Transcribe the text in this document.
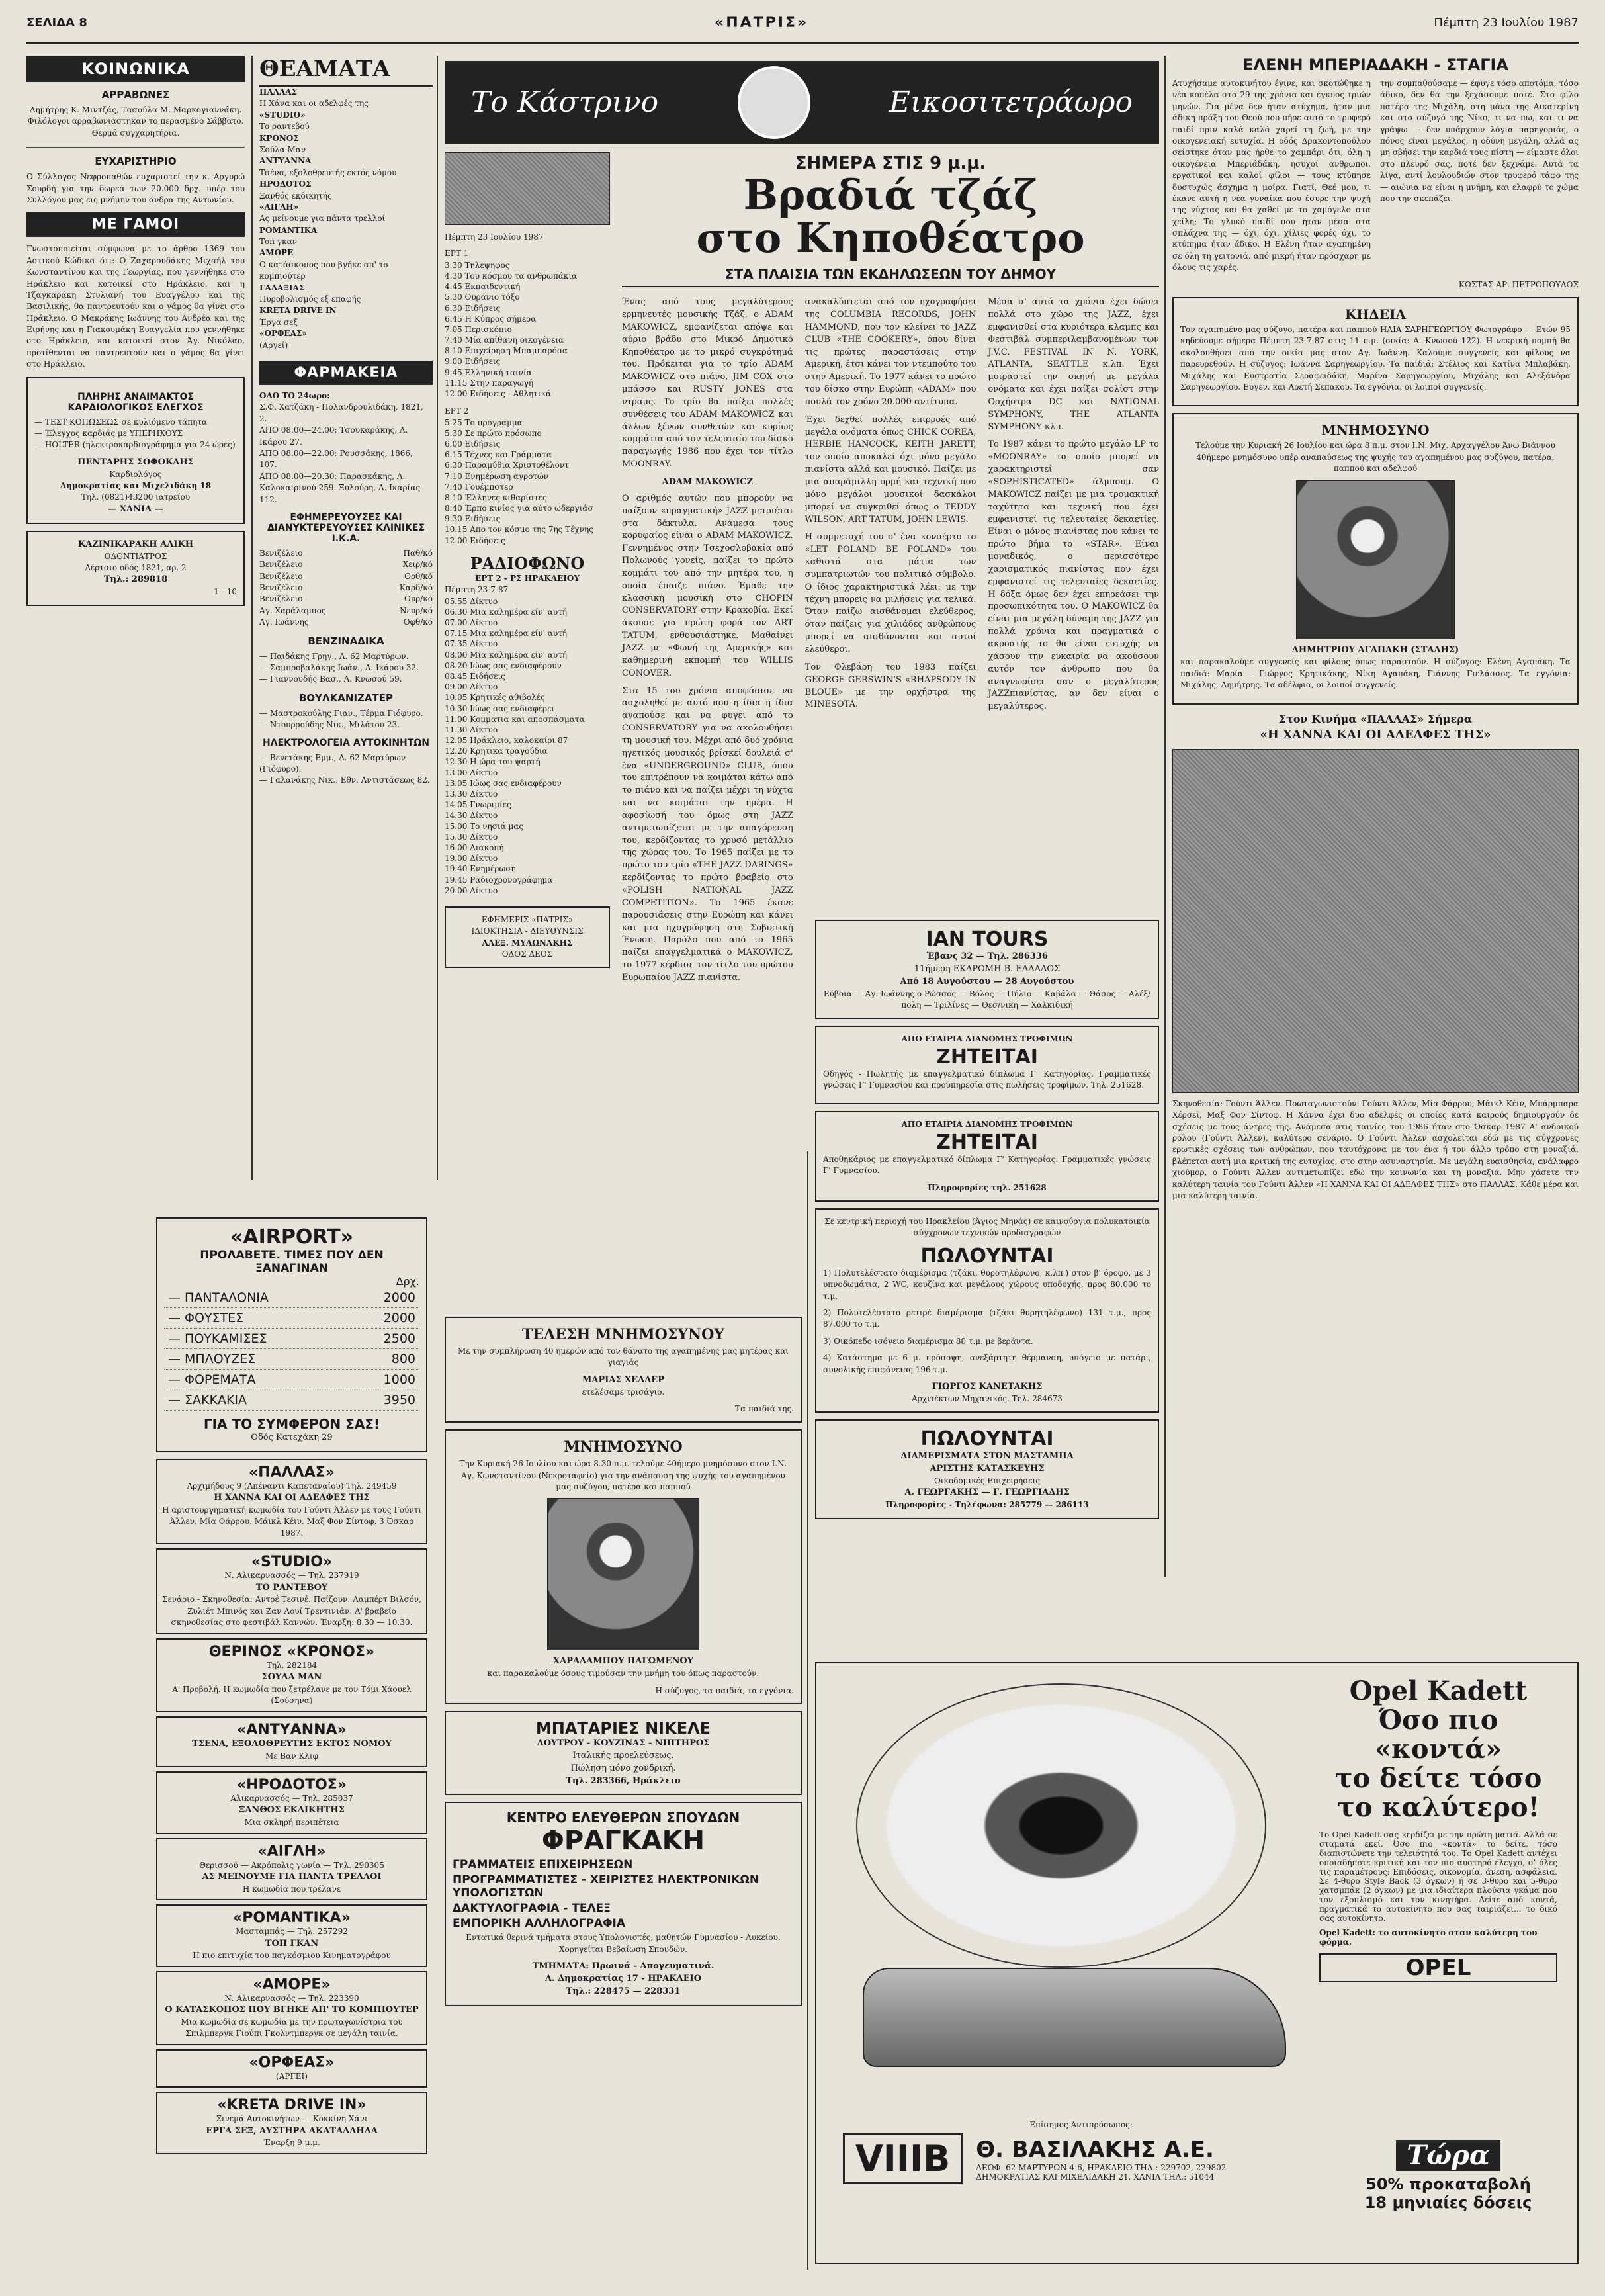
ΣΕΛΙΔΑ 8	«ΠΑΤΡΙΣ»	Πέμπτη 23 Ιουλίου 1987
ΚΟΙΝΩΝΙΚΑ
ΑΡΡΑΒΩΝΕΣ

Δημήτρης Κ. Μιντζάς, Τασούλα Μ. Μαρκογιαννάκη. Φιλόλογοι αρραβωνιάστηκαν το περασμένο Σάββατο. Θερμά συγχαρητήρια.

ΕΥΧΑΡΙΣΤΗΡΙΟ

Ο Σύλλογος Νεφροπαθών ευχαριστεί την κ. Αργυρώ Σουρδή για την δωρεά των 20.000 δρχ. υπέρ του Συλλόγου μας εις μνήμην του άνδρα της Αντωνίου.

ΜΕ ΓΑΜΟΙ

Γνωστοποιείται σύμφωνα με το άρθρο 1369 του Αστικού Κώδικα ότι: Ο Ζαχαρουδάκης Μιχαήλ του Κωνσταντίνου και της Γεωργίας, που γεννήθηκε στο Ηράκλειο και κατοικεί στο Ηράκλειο, και η Τζαγκαράκη Στυλιανή του Ευαγγέλου και της Βασιλικής, θα παντρευτούν και ο γάμος θα γίνει στο Ηράκλειο. Ο Μακράκης Ιωάννης του Ανδρέα και της Ειρήνης και η Γιακουμάκη Ευαγγελία που γεννήθηκε στο Ηράκλειο, και κατοικεί στον Άγ. Νικόλαο, προτίθενται να παντρευτούν και ο γάμος θα γίνει στο Ηράκλειο.

ΠΛΗΡΗΣ ΑΝΑΙΜΑΚΤΟΣ ΚΑΡΔΙΟΛΟΓΙΚΟΣ ΕΛΕΓΧΟΣ
— ΤΕΣΤ ΚΟΠΩΣΕΩΣ σε κυλιόμενο τάπητα
— Έλεγχος καρδιάς με ΥΠΕΡΗΧΟΥΣ
— HOLTER (ηλεκτροκαρδιογράφημα για 24 ώρες)
ΠΕΝΤΑΡΗΣ ΣΟΦΟΚΛΗΣ
Καρδιολόγος
Δημοκρατίας και Μιχελιδάκη 18
Τηλ. (0821)43200 ιατρείου
— ΧΑΝΙΑ —
ΚΑΖΙΝΙΚΑΡΑΚΗ ΑΛΙΚΗ
ΟΔΟΝΤΙΑΤΡΟΣ
Λέρτσιο οδός 1821, αρ. 2
Τηλ.: 289818
1—10
ΘΕΑΜΑΤΑ
ΠΑΛΛΑΣ
Η Χάνα και οι αδελφές της
«STUDIO»
Το ραντεβού
ΚΡΟΝΟΣ
Σούλα Μαν
ΑΝΤΥΑΝΝΑ
Τσένα, εξολοθρευτής εκτός νόμου
ΗΡΟΔΟΤΟΣ
Ξανθός εκδικητής
«ΑΙΓΛΗ»
Ας μείνουμε για πάντα τρελλοί
ΡΟΜΑΝΤΙΚΑ
Τοπ γκαν
ΑΜΟΡΕ
Ο κατάσκοπος που βγήκε απ' το κομπιούτερ
ΓΑΛΑΞΙΑΣ
Πυροβολισμός εξ επαφής
KRETA DRIVE IN
Έργα σεξ
«ΟΡΦΕΑΣ»
(Αργεί)
ΦΑΡΜΑΚΕΙΑ
ΟΛΟ ΤΟ 24ωρο:
Σ.Φ. Χατζάκη - Πολανδρουλιδάκη, 1821, 2.
ΑΠΟ 08.00—24.00: Τσουκαράκης, Λ. Ικάρου 27.
ΑΠΟ 08.00—22.00: Ρουσσάκης, 1866, 107.
ΑΠΟ 08.00—20.30: Παρασκάκης, Λ. Καλοκαιρινού 259. Ξυλούρη, Λ. Ικαρίας 112.
ΕΦΗΜΕΡΕΥΟΥΣΕΣ ΚΑΙ ΔΙΑΝΥΚΤΕΡΕΥΟΥΣΕΣ ΚΛΙΝΙΚΕΣ Ι.Κ.Α.
Βενιζέλειο	Παθ/κό
Βενιζέλειο	Χειρ/κό
Βενιζέλειο	Ορθ/κό
Βενιζέλειο	Καρδ/κό
Βενιζέλειο	Ουρ/κό
Αγ. Χαράλαμπος	Νευρ/κό
Αγ. Ιωάννης	Οφθ/κό
ΒΕΝΖΙΝΑΔΙΚΑ
— Παιδάκης Γρηγ., Λ. 62 Μαρτύρων.
— Σαμπροβαλάκης Ιωάν., Λ. Ικάρου 32.
— Γιαννουδής Βασ., Λ. Κνωσού 59.
ΒΟΥΛΚΑΝΙΖΑΤΕΡ
— Μαστροκούλης Γιαν., Τέρμα Γιόφυρο.
— Ντουρρούδης Νικ., Μιλάτου 23.
ΗΛΕΚΤΡΟΛΟΓΕΙΑ ΑΥΤΟΚΙΝΗΤΩΝ
— Βενετάκης Εμμ., Λ. 62 Μαρτύρων (Γιόφυρο).
— Γαλανάκης Νικ., Εθν. Αντιστάσεως 82.
Πέμπτη 23 Ιουλίου 1987
ΕΡΤ 1
3.30 Τηλεψηφος
4.30 Του κόσμου τα ανθρωπάκια
4.45 Εκπαιδευτική
5.30 Ουράνιο τόξο
6.30 Ειδήσεις
6.45 Η Κύπρος σήμερα
7.05 Περισκόπιο
7.40 Μία απίθανη οικογένεια
8.10 Επιχείρηση Μπαμπαρόσα
9.00 Ειδήσεις
9.45 Ελληνική ταινία
11.15 Στην παραγωγή
12.00 Ειδήσεις - Αθλητικά
ΕΡΤ 2
5.25 Το πρόγραμμα
5.30 Σε πρώτο πρόσωπο
6.00 Ειδήσεις
6.15 Τέχνες και Γράμματα
6.30 Παραμύθια Χριστοθέλοντ
7.10 Ενημέρωση αγροτών
7.40 Γουέμπστερ
8.10 Έλληνες κιθαρίστες
8.40 Έρπο κινίος για αύτο ωδεργιάσ
9.30 Ειδήσεις
10.15 Απο τον κόσμο της 7ης Τέχνης
12.00 Ειδήσεις
ΡΑΔΙΟΦΩΝΟ
ΕΡΤ 2 - ΡΣ ΗΡΑΚΛΕΙΟΥ
Πέμπτη 23-7-87
05.55 Δίκτυο
06.30 Μια καλημέρα είν' αυτή
07.00 Δίκτυο
07.15 Μια καλημέρα είν' αυτή
07.35 Δίκτυο
08.00 Μια καλημέρα είν' αυτή
08.20 Ιώως σας ενδιαφέρουν
08.45 Ειδήσεις
09.00 Δίκτυο
10.05 Κρητικές αθιβολές
10.30 Ιώως σας ενδιαφέρει
11.00 Κομματια και αποσπάσματα
11.30 Δίκτυο
12.05 Ηράκλειο, καλοκαίρι 87
12.20 Κρητικα τραγούδια
12.30 Η ώρα του ψαρτή
13.00 Δίκτυο
13.05 Ιώως σας ενδιαφέρουν
13.30 Δίκτυο
14.05 Γνωριμίες
14.30 Δίκτυο
15.00 Το νησιά μας
15.30 Δίκτυο
16.00 Διακοπή
19.00 Δίκτυο
19.40 Ενημέρωση
19.45 Ραδιοχρονογράφημα
20.00 Δίκτυο
ΕΦΗΜΕΡΙΣ «ΠΑΤΡΙΣ»
ΙΔΙΟΚΤΗΣΙΑ - ΔΙΕΥΘΥΝΣΙΣ
ΑΛΕΞ. ΜΥΛΩΝΑΚΗΣ
ΟΔΟΣ ΔΕΟΣ
Το Κάστρινο	Εικοσιτετράωρο
ΣΗΜΕΡΑ ΣΤΙΣ 9 μ.μ.
Βραδιά τζάζ
στο Κηποθέατρο
ΣΤΑ ΠΛΑΙΣΙΑ ΤΩΝ ΕΚΔΗΛΩΣΕΩΝ ΤΟΥ ΔΗΜΟΥ

Ένας από τους μεγαλύτερους ερμηνευτές μουσικής Τζάζ, ο ADAM MAKOWICZ, εμφανίζεται απόψε και αύριο βράδυ στο Μικρό Δημοτικό Κηποθέατρο με το μικρό συγκρότημά του. Πρόκειται για το τρίο ADAM MAKOWICZ στο πιάνο, JIM COX στο μπάσσο και RUSTY JONES στα ντραμς. Το τρίο θα παίξει πολλές συνθέσεις του ADAM MAKOWICZ και άλλων ξένων συνθετών και κυρίως κομμάτια από τον τελευταίο του δίσκο παραγωγής 1986 που έχει τον τίτλο MOONRAY.

ADAM MAKOWICZ

Ο αριθμός αυτών που μπορούν να παίξουν «πραγματική» JAZZ μετριέται στα δάκτυλα. Ανάμεσα τους κορυφαίος είναι ο ADAM MAKOWICZ. Γεννημένος στην Τσεχοσλοβακία από Πολωνούς γονείς, παίζει το πρώτο κομμάτι του από την μητέρα του, η οποία έπαιζε πιάνο. Έμαθε την κλασσική μουσική στο CHOPIN CONSERVATORY στην Κρακοβία. Εκεί άκουσε για πρώτη φορά τον ART TATUM, ενθουσιάστηκε. Μαθαίνει JAZZ με «Φωνή της Αμερικής» και καθημερινή εκπομπή του WILLIS CONOVER.

Στα 15 του χρόνια αποφάσισε να ασχοληθεί με αυτό που η ίδια η ίδια αγαπούσε και να φυγει από το CONSERVATORY για να ακολουθήσει τη μουσική του. Μέχρι από δυό χρόνια ηγετικός μουσικός βρίσκεί δουλειά σ' ένα «UNDERGROUND» CLUB, όπου του επιτρέπουν να κοιμάται κάτω από το πιάνο και να παίζει μέχρι τη νύχτα και να κοιμάται την ημέρα. Η αφοσίωσή του όμως στη JAZZ αντιμετωπίζεται με την απαγόρευση του, κερδίζοντας το χρυσό μετάλλιο της χώρας του. Το 1965 παίζει με το πρώτο του τρίο «THE JAZZ DARINGS» κερδίζοντας το πρώτο βραβείο στο «POLISH NATIONAL JAZZ COMPETITION». Το 1965 έκανε παρουσιάσεις στην Ευρώπη και κάνει και μια ηχογράφηση στη Σοβιετική Ένωση. Παρόλο που από το 1965 παίζει επαγγελματικά ο MAKOWICZ, το 1977 κέρδισε τον τίτλο του πρώτου Ευρωπαίου JAZZ πιανίστα.

ανακαλύπτεται από τον ηχογραφήσει της COLUMBIA RECORDS, JOHN HAMMOND, που τον κλείνει το JAZZ CLUB «THE COOKERY», όπου δίνει τις πρώτες παραστάσεις στην Αμερική, έτσι κάνει τον ντεμπούτο του στην Αμερική. Το 1977 κάνει το πρώτο του δίσκο στην Ευρώπη «ADAM» που πουλά τον χρόνο 20.000 αντίτυπα.

Έχει δεχθεί πολλές επιρροές από μεγάλα ονόματα όπως CHICK COREA, HERBIE HANCOCK, KEITH JARETT, τον οποίο αποκαλεί όχι μόνο μεγάλο πιανίστα αλλά και μουσικό. Παίζει με μια απαράμιλλη ορμή και τεχνική που μόνο μεγάλοι μουσικοί δασκάλοι μπορεί να συγκριθεί όπως ο TEDDY WILSON, ART TATUM, JOHN LEWIS.

Η συμμετοχή του σ' ένα κονσέρτο το «LET POLAND BE POLAND» του καθιστά στα μάτια των συμπατριωτών του πολιτικό σύμβολο. Ο ίδιος χαρακτηριστικά λέει: με την τέχνη μπορείς να μιλήσεις για τελικά. Όταν παίζω αισθάνομαι ελεύθερος, όταν παίζεις για χιλιάδες ανθρώπους μπορεί να αισθάνονται και αυτοί ελεύθεροι.

Τον Φλεβάρη του 1983 παίζει GEORGE GERSWIN'S «RHAPSODY IN BLOUE» με την ορχήστρα της MINESOTA.

Μέσα σ' αυτά τα χρόνια έχει δώσει πολλά στο χώρο της JAZZ, έχει εμφανισθεί στα κυριότερα κλαμπς και Φεστιβάλ συμπεριλαμβανομένων των J.V.C. FESTIVAL IN N. YORK, ATLANTA, SEATTLE κ.λπ. Έχει μοιραστεί την σκηνή με μεγάλα ονόματα και έχει παίξει σολίστ στην Ορχήστρα DC και NATIONAL SYMPHONY, THE ATLANTA SYMPHONY κλπ.

Το 1987 κάνει το πρώτο μεγάλο LP το «MOONRAY» το οποίο μπορεί να χαρακτηριστεί σαν «SOPHISTICATED» άλμπουμ. Ο MAKOWICZ παίζει με μια τρομακτική ταχύτητα και τεχνική που έχει εμφανιστεί τις τελευταίες δεκαετίες. Είναι ο μόνος πιανίστας που κάνει το πρώτο βήμα το «STAR». Είναι μοναδικός, ο περισσότερο χαρισματικός πιανίστας που έχει εμφανιστεί τις τελευταίες δεκαετίες. Η δόξα όμως δεν έχει επηρεάσει την προσωπικότητα του. Ο MAKOWICZ θα είναι μια μεγάλη δύναμη της JAZZ για πολλά χρόνια και πραγματικά ο ακροατής το θα είναι ευτυχής να χάσουν την ευκαιρία να ακούσουν αυτόν τον άνθρωπο που θα αναγνωρίσει σαν ο μεγαλύτερος JAZZπιανίστας, αν δεν είναι ο μεγαλύτερος.

ΕΛΕΝΗ ΜΠΕΡΙΑΔΑΚΗ - ΣΤΑΓΙΑ

Ατυχήσαμε αυτοκινήτου έγινε, και σκοτώθηκε η νέα κοπέλα στα 29 της χρόνια και έγκυος τριών μηνών. Για μένα δεν ήταν ατύχημα, ήταν μια άδικη πράξη του Θεού που πήρε αυτό το τρυφερό παιδί πριν καλά καλά χαρεί τη ζωή, με την οικογενειακή ευτυχία. Η οδός Δρακοντοπούλου σείστηκε όταν μας ήρθε το χαμπάρι ότι, όλη η οικογένεια Μπεριάδάκη, ησυχοί άνθρωποι, εργατικοί και καλοί φίλοι — τους κτύπησε δυστυχώς άσχημα η μοίρα. Γιατί, Θεέ μου, τι έκανε αυτή η νέα γυναίκα που έσυρε την ψυχή της νύχτας και θα χαθεί με το χαμόγελο στα χείλη; Το γλυκό παιδί που ήταν μέσα στα σπλάχνα της — όχι, όχι, χίλιες φορές όχι, το κτύπημα ήταν άδικο. Η Ελένη ήταν αγαπημένη σε όλη τη γειτονιά, από μικρή ήταν πρόσχαρη με όλους τις χαρές.

την συμπαθούσαμε — έφυγε τόσο αποτόμα, τόσο άδικο, δεν θα την ξεχάσουμε ποτέ. Στο φίλο πατέρα της Μιχάλη, στη μάνα της Αικατερίνη και στο σύζυγό της Νίκο, τι να πω, και τι να γράψω — δεν υπάρχουν λόγια παρηγοριάς, ο πόνος είναι μεγάλος, η οδύνη μεγάλη, αλλά ας μη σβήσει την καρδιά τους πίστη — είμαστε όλοι στο πλευρό σας, ποτέ δεν ξεχνάμε. Αυτά τα λίγα, αντί λουλουδιών στον τρυφερό τάφο της — αιώνια να είναι η μνήμη, και ελαφρύ το χώμα που την σκεπάζει.

ΚΩΣΤΑΣ ΑΡ. ΠΕΤΡΟΠΟΥΛΟΣ
ΚΗΔΕΙΑ

Τον αγαπημένο μας σύζυγο, πατέρα και παππού ΗΛΙΑ ΣΑΡΗΓΕΩΡΓΙΟΥ Φωτογράφο — Ετών 95 κηδεύουμε σήμερα Πέμπτη 23-7-87 στις 11 π.μ. (οικία: Α. Κνωσού 122). Η νεκρική πομπή θα ακολουθήσει από την οικία μας στον Αγ. Ιωάννη. Καλούμε συγγενείς και φίλους να παρευρεθούν. Η σύζυγος: Ιωάννα Σαρηγεωργίου. Τα παιδιά: Στέλιος και Κατίνα Μπλαβάκη, Μιχάλης και Ευστρατία Σεραφειδάκη, Μαρίνα Σαρηγεωργίου, Μιχάλης και Αλεξάνδρα Σαρηγεωργίου. Ευγεν. και Αρετή Σεπακου. Τα εγγόνια, οι λοιποί συγγενείς.

ΜΝΗΜΟΣΥΝΟ

Τελούμε την Κυριακή 26 Ιουλίου και ώρα 8 π.μ. στον Ι.Ν. Μιχ. Αρχαγγέλου Άνω Βιάννου 40ήμερο μνημόσυνο υπέρ αναπαύσεως της ψυχής του αγαπημένου μας συζύγου, πατέρα, παππού και αδελφού

ΔΗΜΗΤΡΙΟΥ ΑΓΑΠΑΚΗ (ΣΤΑΛΗΣ)

και παρακαλούμε συγγενείς και φίλους όπως παραστούν. Η σύζυγος: Ελένη Αγαπάκη. Τα παιδιά: Μαρία - Γιώργος Κρητικάκης, Νίκη Αγαπάκη, Γιάννης Γιελάσσος. Τα εγγόνια: Μιχάλης, Δημήτρης. Τα αδέλφια, οι λοιποί συγγενείς.

Στον Κινήμα «ΠΑΛΛΑΣ» Σήμερα
«Η ΧΑΝΝΑ ΚΑΙ ΟΙ ΑΔΕΛΦΕΣ ΤΗΣ»

Σκηνοθεσία: Γούντι Άλλεν. Πρωταγωνιστούν: Γούντι Άλλεν, Μία Φάρρου, Μάικλ Κέιν, Μπάρμπαρα Χέρσεϊ, Μαξ Φον Σίντοφ. Η Χάννα έχει δυο αδελφές οι οποίες κατά καιρούς δημιουργούν δε σχέσεις με τους άντρες της. Ανάμεσα στις ταινίες του 1986 ήταν στο Όσκαρ 1987 Α' ανδρικού ρόλου (Γούντι Άλλεν), καλύτερο σενάριο. Ο Γούντι Άλλεν ασχολείται εδώ με τις σύγχρονες ερωτικές σχέσεις των ανθρώπων, που ταυτόχρονα με τον ένα ή τον άλλο τρόπο στη μοναξιά, βλέπεται αυτή μια κριτική της ευτυχίας, στο στην ασυναρτησία. Με μεγάλη ευαισθησία, ανάλαφρο χιούμορ, ο Γούντι Άλλεν αντιμετωπίζει εδώ την κοινωνία και τη μοναξιά. Μην χάσετε την καλύτερη ταινία του Γούντι Άλλεν «Η ΧΑΝΝΑ ΚΑΙ ΟΙ ΑΔΕΛΦΕΣ ΤΗΣ» στο ΠΑΛΛΑΣ. Κάθε μέρα και μια καλύτερη ταινία.

«AIRPORT»
ΠΡΟΛΑΒΕΤΕ. ΤΙΜΕΣ ΠΟΥ ΔΕΝ ΞΑΝΑΓΙΝΑΝ
Δρχ.
— ΠΑΝΤΑΛΟΝΙΑ	2000
— ΦΟΥΣΤΕΣ	2000
— ΠΟΥΚΑΜΙΣΕΣ	2500
— ΜΠΛΟΥΖΕΣ	800
— ΦΟΡΕΜΑΤΑ	1000
— ΣΑΚΚΑΚΙΑ	3950
ΓΙΑ ΤΟ ΣΥΜΦΕΡΟΝ ΣΑΣ!
Οδός Κατεχάκη 29
«ΠΑΛΛΑΣ»
Αρχιμήδους 9 (Απέναντι Καπεταναίου) Τηλ. 249459
Η ΧΑΝΝΑ ΚΑΙ ΟΙ ΑΔΕΛΦΕΣ ΤΗΣ
Η αριστουργηματική κωμωδία του Γούντι Άλλεν με τους Γούντι Άλλεν, Μία Φάρρου, Μάικλ Κέιν, Μαξ Φον Σίντοφ, 3 Όσκαρ 1987.
«STUDIO»
Ν. Αλικαρνασσός — Τηλ. 237919
ΤΟ ΡΑΝΤΕΒΟΥ
Σενάριο - Σκηνοθεσία: Αντρέ Τεσινέ. Παίζουν: Λαμπέρτ Βιλσόν, Ζυλιέτ Μπινός και Ζαν Λουί Τρεντινιάν. Α' βραβείο σκηνοθεσίας στο φεστιβάλ Καννών. Έναρξη: 8.30 — 10.30.
ΘΕΡΙΝΟΣ «ΚΡΟΝΟΣ»
Τηλ. 282184
ΣΟΥΛΑ ΜΑΝ
Α' Προβολή. Η κωμωδία που ξετρέλανε με τον Τόμι Χάουελ (Σούσηνα)
«ΑΝΤΥΑΝΝΑ»
ΤΣΕΝΑ, ΕΞΟΛΟΘΡΕΥΤΗΣ ΕΚΤΟΣ ΝΟΜΟΥ
Με Βαν Κλιφ
«ΗΡΟΔΟΤΟΣ»
Αλικαρνασσός — Τηλ. 285037
ΞΑΝΘΟΣ ΕΚΔΙΚΗΤΗΣ
Μια σκληρή περιπέτεια
«ΑΙΓΛΗ»
Θερισσού — Ακρόπολις γωνία — Τηλ. 290305
ΑΣ ΜΕΙΝΟΥΜΕ ΓΙΑ ΠΑΝΤΑ ΤΡΕΛΛΟΙ
Η κωμωδία που τρέλανε
«ΡΟΜΑΝΤΙΚΑ»
Μασταμπάς — Τηλ. 257292
ΤΟΠ ΓΚΑΝ
Η πιο επιτυχία του παγκόσμιου Κινηματογράφου
«ΑΜΟΡΕ»
Ν. Αλικαρνασσός — Τηλ. 223390
Ο ΚΑΤΑΣΚΟΠΟΣ ΠΟΥ ΒΓΗΚΕ ΑΠ' ΤΟ ΚΟΜΠΙΟΥΤΕΡ
Μια κωμωδία σε κωμωδία με την πρωταγωνίστρια του Σπιλμπεργκ Γιούπι Γκολντμπεργκ σε μεγάλη ταινία.
«ΟΡΦΕΑΣ»
(ΑΡΓΕΙ)
«KRETA DRIVE IN»
Σινεμά Αυτοκινήτων — Κοκκίνη Χάνι
ΕΡΓΑ ΣΕΞ, ΑΥΣΤΗΡΑ ΑΚΑΤΑΛΛΗΛΑ
Έναρξη 9 μ.μ.
ΤΕΛΕΣΗ ΜΝΗΜΟΣΥΝΟΥ

Με την συμπλήρωση 40 ημερών από τον θάνατο της αγαπημένης μας μητέρας και γιαγιάς

ΜΑΡΙΑΣ ΧΕΛΛΕΡ

ετελέσαμε τρισάγιο.

Τα παιδιά της.
ΜΝΗΜΟΣΥΝΟ

Την Κυριακή 26 Ιουλίου και ώρα 8.30 π.μ. τελούμε 40ήμερο μνημόσυνο στον Ι.Ν. Αγ. Κωνσταντίνου (Νεκροταφείο) για την ανάπαυση της ψυχής του αγαπημένου μας συζύγου, πατέρα και παππού

ΧΑΡΑΛΑΜΠΟΥ ΠΑΓΩΜΕΝΟΥ

και παρακαλούμε όσους τιμούσαν την μνήμη του όπως παραστούν.

Η σύζυγος, τα παιδιά, τα εγγόνια.
ΜΠΑΤΑΡΙΕΣ ΝΙΚΕΛΕ
ΛΟΥΤΡΟΥ - ΚΟΥΖΙΝΑΣ - ΝΙΠΤΗΡΟΣ
Ιταλικής προελεύσεως.
Πώληση μόνο χονδρική.
Τηλ. 283366, Ηράκλειο
ΚΕΝΤΡΟ ΕΛΕΥΘΕΡΩΝ ΣΠΟΥΔΩΝ
ΦΡΑΓΚΑΚΗ
ΓΡΑΜΜΑΤΕΙΣ ΕΠΙΧΕΙΡΗΣΕΩΝ
ΠΡΟΓΡΑΜΜΑΤΙΣΤΕΣ - ΧΕΙΡΙΣΤΕΣ ΗΛΕΚΤΡΟΝΙΚΩΝ ΥΠΟΛΟΓΙΣΤΩΝ
ΔΑΚΤΥΛΟΓΡΑΦΙΑ - ΤΕΛΕΞ
ΕΜΠΟΡΙΚΗ ΑΛΛΗΛΟΓΡΑΦΙΑ

Εντατικά θερινά τμήματα στους Υπολογιστές, μαθητών Γυμνασίου - Λυκείου. Χορηγείται Βεβαίωση Σπουδών.

ΤΜΗΜΑΤΑ: Πρωινά - Απογευματινά.
Λ. Δημοκρατίας 17 - ΗΡΑΚΛΕΙΟ
Τηλ.: 228475 — 228331
IAN TOURS
Έβανς 32 — Τηλ. 286336
11ήμερη ΕΚΔΡΟΜΗ Β. ΕΛΛΑΔΟΣ
Από 18 Αυγούστου — 28 Αυγούστου
Εύβοια — Αγ. Ιωάννης ο Ρώσσος — Βόλος — Πήλιο — Καβάλα — Θάσος — Αλέξ/πολη — Τριλίνες — Θεσ/νικη — Χαλκιδική
ΑΠΟ ΕΤΑΙΡΙΑ ΔΙΑΝΟΜΗΣ ΤΡΟΦΙΜΩΝ
ΖΗΤΕΙΤΑΙ

Οδηγός - Πωλητής με επαγγελματικό δίπλωμα Γ' Κατηγορίας. Γραμματικές γνώσεις Γ' Γυμνασίου και προϋπηρεσία στις πωλήσεις τροφίμων. Τηλ. 251628.

ΑΠΟ ΕΤΑΙΡΙΑ ΔΙΑΝΟΜΗΣ ΤΡΟΦΙΜΩΝ
ΖΗΤΕΙΤΑΙ

Αποθηκάριος με επαγγελματικό δίπλωμα Γ' Κατηγορίας. Γραμματικές γνώσεις Γ' Γυμνασίου.

Πληροφορίες τηλ. 251628

Σε κεντρική περιοχή του Ηρακλείου (Άγιος Μηνάς) σε καινούργια πολυκατοικία σύγχρονων τεχνικών προδιαγραφών

ΠΩΛΟΥΝΤΑΙ

1) Πολυτελέστατο διαμέρισμα (τζάκι, θυροτηλέφωνο, κ.λπ.) στον β' όροφο, με 3 υπνοδωμάτια, 2 WC, κουζίνα και μεγάλους χώρους υποδοχής, προς 80.000 το τ.μ.

2) Πολυτελέστατο ρετιρέ διαμέρισμα (τζάκι θυρητηλέφωνο) 131 τ.μ., προς 87.000 το τ.μ.

3) Οικόπεδο ισόγειο διαμέρισμα 80 τ.μ. με βεράντα.

4) Κατάστημα με 6 μ. πρόσοψη, ανεξάρτητη θέρμανση, υπόγειο με πατάρι, συνολικής επιφάνειας 196 τ.μ.

ΓΙΩΡΓΟΣ ΚΑΝΕΤΑΚΗΣ
Αρχιτέκτων Μηχανικός. Τηλ. 284673
ΠΩΛΟΥΝΤΑΙ
ΔΙΑΜΕΡΙΣΜΑΤΑ ΣΤΟΝ ΜΑΣΤΑΜΠΑ
ΑΡΙΣΤΗΣ ΚΑΤΑΣΚΕΥΗΣ
Οικοδομικές Επιχειρήσεις
Α. ΓΕΩΡΓΑΚΗΣ — Γ. ΓΕΩΡΓΙΑΔΗΣ
Πληροφορίες - Τηλέφωνα: 285779 — 286113
Opel Kadett
Όσο πιο «κοντά»
το δείτε τόσο
το καλύτερο!

Το Opel Kadett σας κερδίζει με την πρώτη ματιά. Αλλά σε σταματά εκεί. Όσο πιο «κοντά» το δείτε, τόσο διαπιστώνετε την τελειότητά του. Το Opel Kadett αντέχει οποιαδήποτε κριτική και τον πιο αυστηρό έλεγχο, σ' όλες τις παραμέτρους: Επιδόσεις, οικονομία, άνεση, ασφάλεια. Σε 4-θυρο Style Back (3 όγκων) ή σε 3-θυρο και 5-θυρο χατσμπάκ (2 όγκων) με μια ιδιαίτερα πλούσια γκάμα που τον εξοπλισμό και τον κινητήρα. Δείτε από κοντά, πραγματικά το αυτοκίνητο που σας ταιριάζει... το δικό σας αυτοκίνητο.

Opel Kadett: το αυτοκίνητο σταν καλύτερη του φόρμα.
OPEL
Επίσημος Αντιπρόσωπος:
VIIIB	Θ. ΒΑΣΙΛΑΚΗΣ Α.Ε.
ΛΕΩΦ. 62 ΜΑΡΤΥΡΩΝ 4-6, ΗΡΑΚΛΕΙΟ ΤΗΛ.: 229702, 229802
ΔΗΜΟΚΡΑΤΙΑΣ ΚΑΙ ΜΙΧΕΛΙΔΑΚΗ 21, ΧΑΝΙΑ ΤΗΛ.: 51044
Τώρα
50% προκαταβολή
18 μηνιαίες δόσεις
